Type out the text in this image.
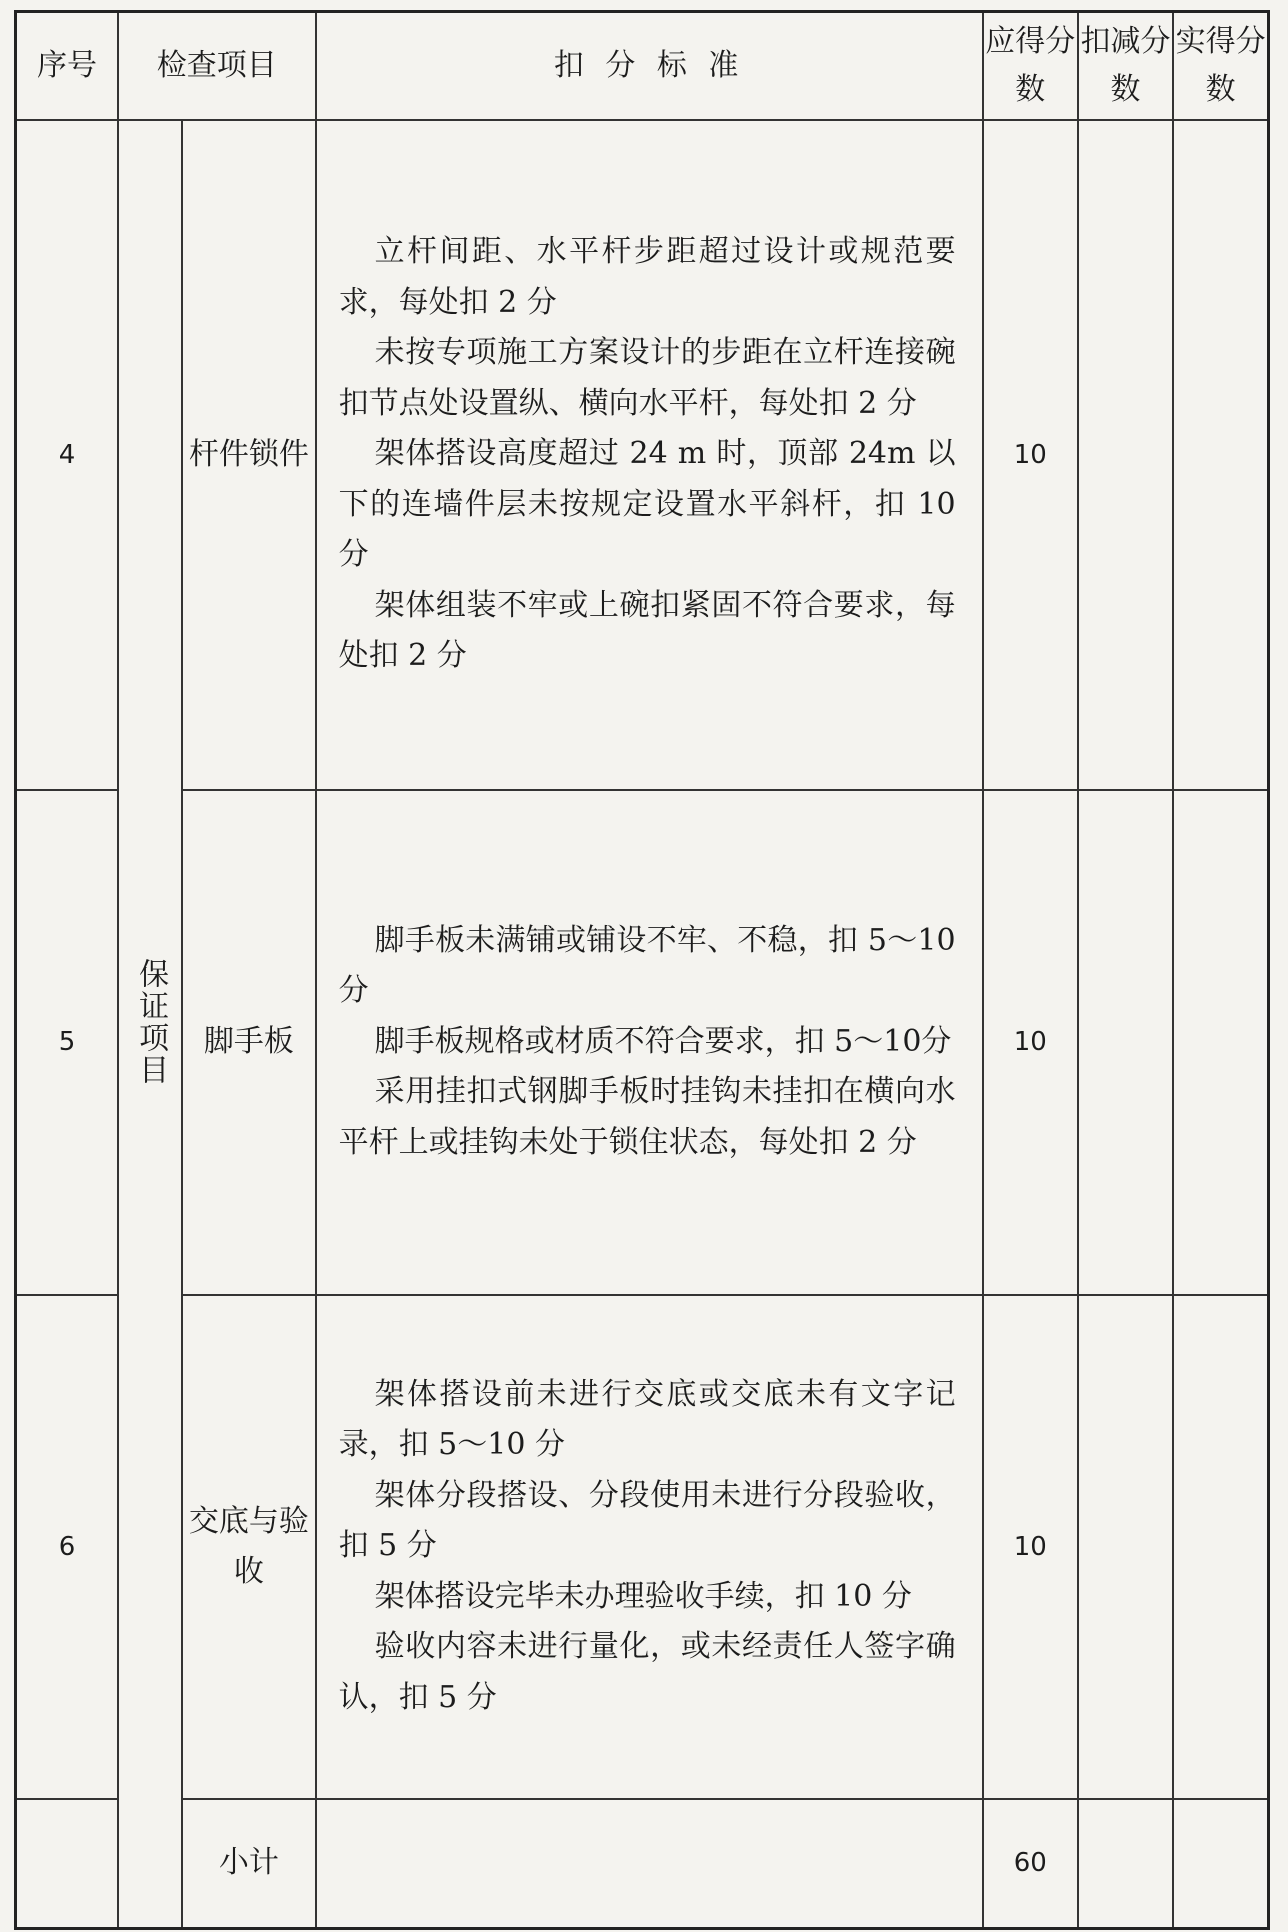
序号	检查项目		扣 分 标 准	应得分数	扣减分数	实得分数
4	保证项目	杆件锁件	立杆间距、水平杆步距超过设计或规范要求，每处扣 2 分

未按专项施工方案设计的步距在立杆连接碗扣节点处设置纵、横向水平杆，每处扣 2 分

架体搭设高度超过 24 m 时，顶部 24m 以下的连墙件层未按规定设置水平斜杆，扣 10 分

架体组装不牢或上碗扣紧固不符合要求，每处扣 2 分	10		
5		脚手板	脚手板未满铺或铺设不牢、不稳，扣 5～10分

脚手板规格或材质不符合要求，扣 5～10分

采用挂扣式钢脚手板时挂钩未挂扣在横向水平杆上或挂钩未处于锁住状态，每处扣 2 分	10		
6		交底与验收	架体搭设前未进行交底或交底未有文字记录，扣 5～10 分

架体分段搭设、分段使用未进行分段验收，扣 5 分

架体搭设完毕未办理验收手续，扣 10 分

验收内容未进行量化，或未经责任人签字确认，扣 5 分	10		
		小计		60		
